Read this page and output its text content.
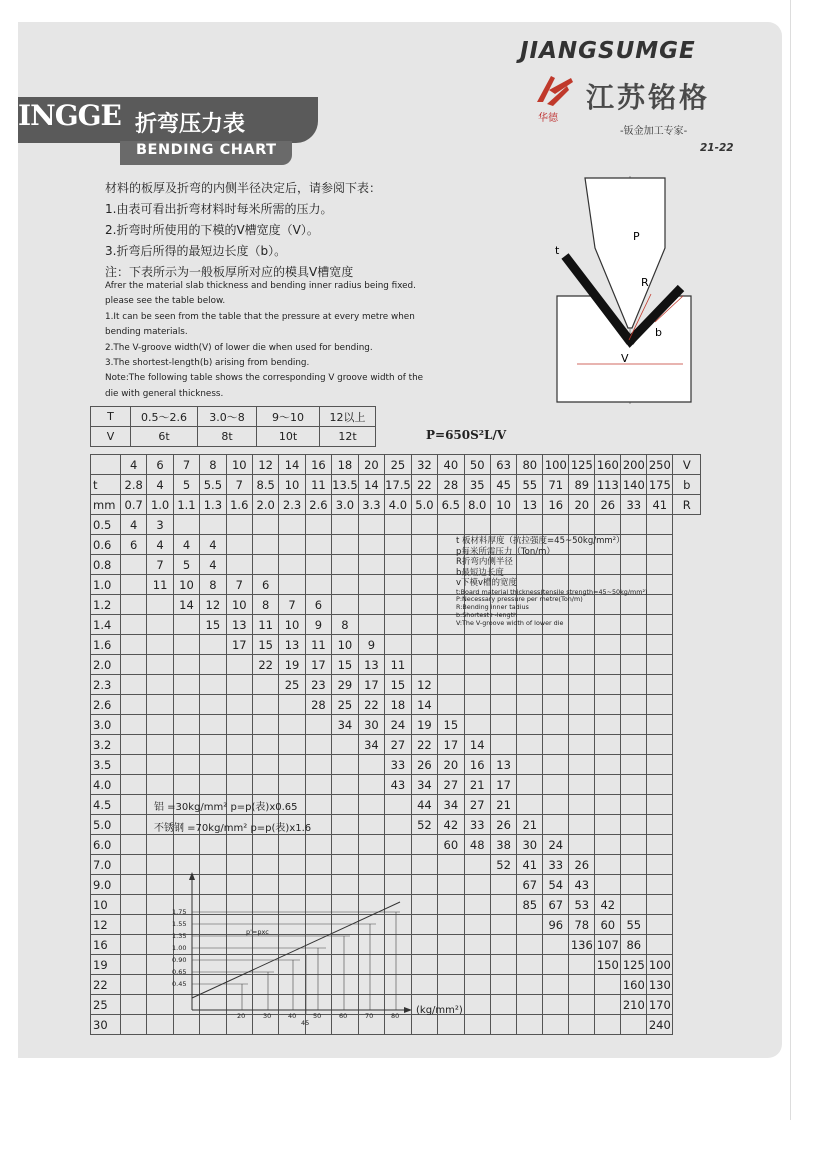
INGGE 折弯压力表
BENDING CHART
JIANGSUMGE
江苏铭格
华德
-钣金加工专家-
21-22
材料的板厚及折弯的内侧半径决定后，请参阅下表：
1.由表可看出折弯材料时每米所需的压力。
2.折弯时所使用的下模的V槽宽度（V）。
3.折弯后所得的最短边长度（b）。
注：下表所示为一般板厚所对应的模具V槽宽度
Afrer the material slab thickness and bending inner radius being fixed.
please see the table below.
1.It can be seen from the table that the pressure at every metre when
bending materials.
2.The V-groove width(V) of lower die when used for bending.
3.The shortest-length(b) arising from bending.
Note:The following table shows the corresponding V groove width of the
die with general thickness.
P
t
R
V
b
T	0.5～2.6	3.0～8	9～10	12以上
V	6t	8t	10t	12t	P=650S²L/V
	4	6	7	8	10	12	14	16	18	20	25	32	40	50	63	80	100	125	160	200	250	V
t	2.8	4	5	5.5	7	8.5	10	11	13.5	14	17.5	22	28	35	45	55	71	89	113	140	175	b
mm	0.7	1.0	1.1	1.3	1.6	2.0	2.3	2.6	3.0	3.3	4.0	5.0	6.5	8.0	10	13	16	20	26	33	41	R
0.5	4	3																				
0.6	6	4	4	4																		
0.8		7	5	4																		
1.0		11	10	8	7	6																
1.2			14	12	10	8	7	6														
1.4				15	13	11	10	9	8													
1.6					17	15	13	11	10	9												
2.0						22	19	17	15	13	11											
2.3							25	23	29	17	15	12										
2.6								28	25	22	18	14										
3.0									34	30	24	19	15									
3.2										34	27	22	17	14								
3.5											33	26	20	16	13							
4.0											43	34	27	21	17							
4.5												44	34	27	21							
5.0												52	42	33	26	21						
6.0													60	48	38	30	24					
7.0															52	41	33	26				
9.0																67	54	43				
10																85	67	53	42			
12																	96	78	60	55		
16																		136	107	86		
19																			150	125	100	
22																				160	130	
25																				210	170	
30																					240	
t 板材料厚度（抗拉强度=45~50kg/mm²）
p每米所需压力（Ton/m）
R折弯内侧半径
b最短边长度
v下模v槽的宽度
t:Board material thickness(tensile strength=45~50kg/mm²)
P:Necessary pressure per metre(Ton/m)
R:Bending inner tadius
b:Shortest+-length
V:The V-groove width of lower die
铝 =30kg/mm² p=p(表)x0.65
不锈钢 =70kg/mm² p=p(表)x1.6
1.75
1.55
1.35
1.00
0.90
0.65
0.45
20	30	40
45
50	60	70	80
p'=pxc
(kg/mm²)
